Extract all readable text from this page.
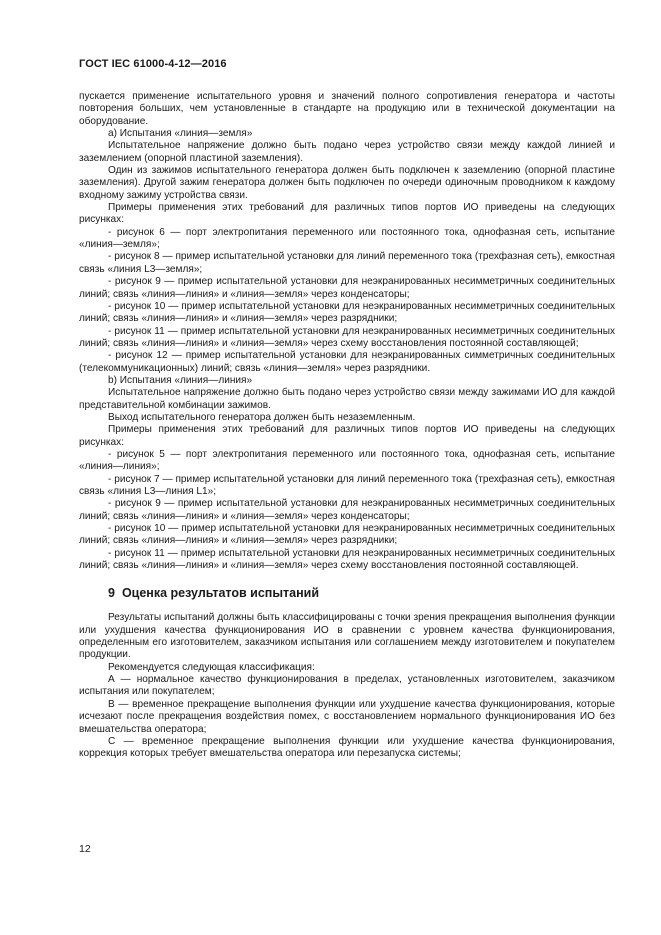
ГОСТ IEC 61000-4-12—2016

пускается применение испытательного уровня и значений полного сопротивления генератора и частоты повторения больших, чем установленные в стандарте на продукцию или в технической документации на оборудование.

а) Испытания «линия—земля»

Испытательное напряжение должно быть подано через устройство связи между каждой линией и заземлением (опорной пластиной заземления).

Один из зажимов испытательного генератора должен быть подключен к заземлению (опорной пластине заземления). Другой зажим генератора должен быть подключен по очереди одиночным проводником к каждому входному зажиму устройства связи.

Примеры применения этих требований для различных типов портов ИО приведены на следующих рисунках:

- рисунок 6 — порт электропитания переменного или постоянного тока, однофазная сеть, испытание «линия—земля»;

- рисунок 8 — пример испытательной установки для линий переменного тока (трехфазная сеть), емкостная связь «линия L3—земля»;

- рисунок 9 — пример испытательной установки для неэкранированных несимметричных соединительных линий; связь «линия—линия» и «линия—земля» через конденсаторы;

- рисунок 10 — пример испытательной установки для неэкранированных несимметричных соединительных линий; связь «линия—линия» и «линия—земля» через разрядники;

- рисунок 11 — пример испытательной установки для неэкранированных несимметричных соединительных линий; связь «линия—линия» и «линия—земля» через схему восстановления постоянной составляющей;

- рисунок 12 — пример испытательной установки для неэкранированных симметричных соединительных (телекоммуникационных) линий; связь «линия—земля» через разрядники.

b) Испытания «линия—линия»

Испытательное напряжение должно быть подано через устройство связи между зажимами ИО для каждой представительной комбинации зажимов.

Выход испытательного генератора должен быть незаземленным.

Примеры применения этих требований для различных типов портов ИО приведены на следующих рисунках:

- рисунок 5 — порт электропитания переменного или постоянного тока, однофазная сеть, испытание «линия—линия»;

- рисунок 7 — пример испытательной установки для линий переменного тока (трехфазная сеть), емкостная связь «линия L3—линия L1»;

- рисунок 9 — пример испытательной установки для неэкранированных несимметричных соединительных линий; связь «линия—линия» и «линия—земля» через конденсаторы;

- рисунок 10 — пример испытательной установки для неэкранированных несимметричных соединительных линий; связь «линия—линия» и «линия—земля» через разрядники;

- рисунок 11 — пример испытательной установки для неэкранированных несимметричных соединительных линий; связь «линия—линия» и «линия—земля» через схему восстановления постоянной составляющей.

9 Оценка результатов испытаний

Результаты испытаний должны быть классифицированы с точки зрения прекращения выполнения функции или ухудшения качества функционирования ИО в сравнении с уровнем качества функционирования, определенным его изготовителем, заказчиком испытания или соглашением между изготовителем и покупателем продукции.

Рекомендуется следующая классификация:

А — нормальное качество функционирования в пределах, установленных изготовителем, заказчиком испытания или покупателем;

В — временное прекращение выполнения функции или ухудшение качества функционирования, которые исчезают после прекращения воздействия помех, с восстановлением нормального функционирования ИО без вмешательства оператора;

С — временное прекращение выполнения функции или ухудшение качества функционирования, коррекция которых требует вмешательства оператора или перезапуска системы;

12
